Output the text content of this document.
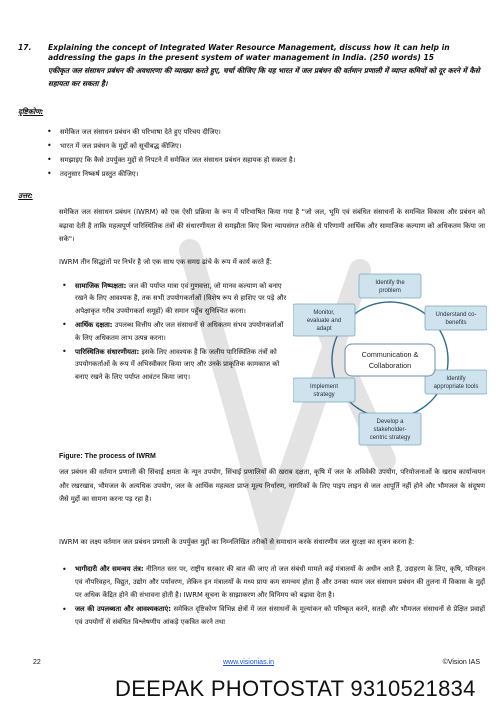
17. Explaining the concept of Integrated Water Resource Management, discuss how it can help in addressing the gaps in the present system of water management in India. (250 words) 15
एकीकृत जल संसाधन प्रबंधन की अवधारणा की व्याख्या करते हुए, चर्चा कीजिए कि यह भारत में जल प्रबंधन की वर्तमान प्रणाली में व्याप्त कमियों को दूर करने में कैसे सहायता कर सकता है।
दृष्टिकोण:
• समेकित जल संसाधन प्रबंधन की परिभाषा देते हुए परिचय दीजिए।
• भारत में जल प्रबंधन के मुद्दों को सूचीबद्ध कीजिए।
• समझाइए कि कैसे उपर्युक्त मुद्दों से निपटने में समेकित जल संसाधन प्रबंधन सहायक हो सकता है।
• तदनुसार निष्कर्ष प्रस्तुत कीजिए।
उत्तर:
समेकित जल संसाधन प्रबंधन (IWRM) को एक ऐसी प्रक्रिया के रूप में परिभाषित किया गया है "जो जल, भूमि एवं संबंधित संसाधनों के समन्वित विकास और प्रबंधन को बढ़ावा देती है ताकि महत्वपूर्ण पारिस्थितिक तंत्रों की संधारणीयता से समझौता किए बिना न्यायसंगत तरीके से परिणामी आर्थिक और सामाजिक कल्याण को अधिकतम किया जा सके"।
IWRM तीन सिद्धांतों पर निर्भर है जो एक साथ एक समग्र ढांचे के रूप में कार्य करते हैं:
• सामाजिक निष्पक्षता: जल की पर्याप्त मात्रा एवं गुणवत्ता, जो मानव कल्याण को बनाए रखने के लिए आवश्यक है, तक सभी उपयोगकर्ताओं (विशेष रूप से हाशिए पर पड़े और अपेक्षाकृत गरीब उपयोगकर्ता समूहों) की समान पहुँच सुनिश्चित करना।
• आर्थिक दक्षता: उपलब्ध वित्तीय और जल संसाधनों से अधिकतम संभव उपयोगकर्ताओं के लिए अधिकतम लाभ उत्पन्न करना।
• पारिस्थितिक संधारणीयता: इसके लिए आवश्यक है कि जलीय पारिस्थितिक तंत्रों को उपयोगकर्ताओं के रूप में अभिस्वीकार किया जाए और उनके प्राकृतिक कामकाज को बनाए रखने के लिए पर्याप्त आवंटन किया जाए।
Identify the
problem
Understand co-
benefits
Identify
appropriate tools
Develop a
stakeholder-
centric strategy
Implement
strategy
Monitor,
evaluate and
adapt
Communication &
Collaboration
Figure: The process of IWRM
जल प्रबंधन की वर्तमान प्रणाली की सिंचाई क्षमता के न्यून उपयोग, सिंचाई प्रणालियों की खराब दक्षता, कृषि में जल के अविवेकी उपयोग, परियोजनाओं के खराब कार्यान्वयन और रखरखाव, भौमजल के अत्यधिक उपयोग, जल के आर्थिक महत्वता प्राप्त मूल्य निर्धारण, नागरिकों के लिए पाइप लाइन से जल आपूर्ति नहीं होने और भौमजल के संदूषण जैसे मुद्दों का सामना करना पड़ रहा है।
IWRM का लक्ष्य वर्तमान जल प्रबंधन प्रणाली के उपर्युक्त मुद्दों का निम्नलिखित तरीकों से समाधान करके संधारणीय जल सुरक्षा का सृजन करना है:
• भागीदारी और समन्वय तंत्र: नीतिगत स्तर पर, राष्ट्रीय सरकार की बात की जाए तो जल संबंधी मामले कई मंत्रालयों के अधीन आते हैं, उदाहरण के लिए, कृषि, परिवहन एवं नौपरिवहन, विद्युत, उद्योग और पर्यावरण, लेकिन इन मंत्रालयों के मध्य प्रायः कम समन्वय होता है और उनका ध्यान जल संसाधन प्रबंधन की तुलना में विकास के मुद्दों पर अधिक केंद्रित होने की संभावना होती है। IWRM सूचना के साझाकरण और विनिमय को बढ़ावा देता है।
• जल की उपलब्धता और आवश्यकताएं: समेकित दृष्टिकोण विभिन्न क्षेत्रों में जल संसाधनों के मूल्यांकन को परिष्कृत करने, सतही और भौमजल संसाधनों से प्रेक्षित प्रवाहों एवं उपयोगों से संबंधित विश्लेषणीय आंकड़े एकत्रित करने तथा
22	www.visionias.in	©Vision IAS
DEEPAK PHOTOSTAT 9310521834
